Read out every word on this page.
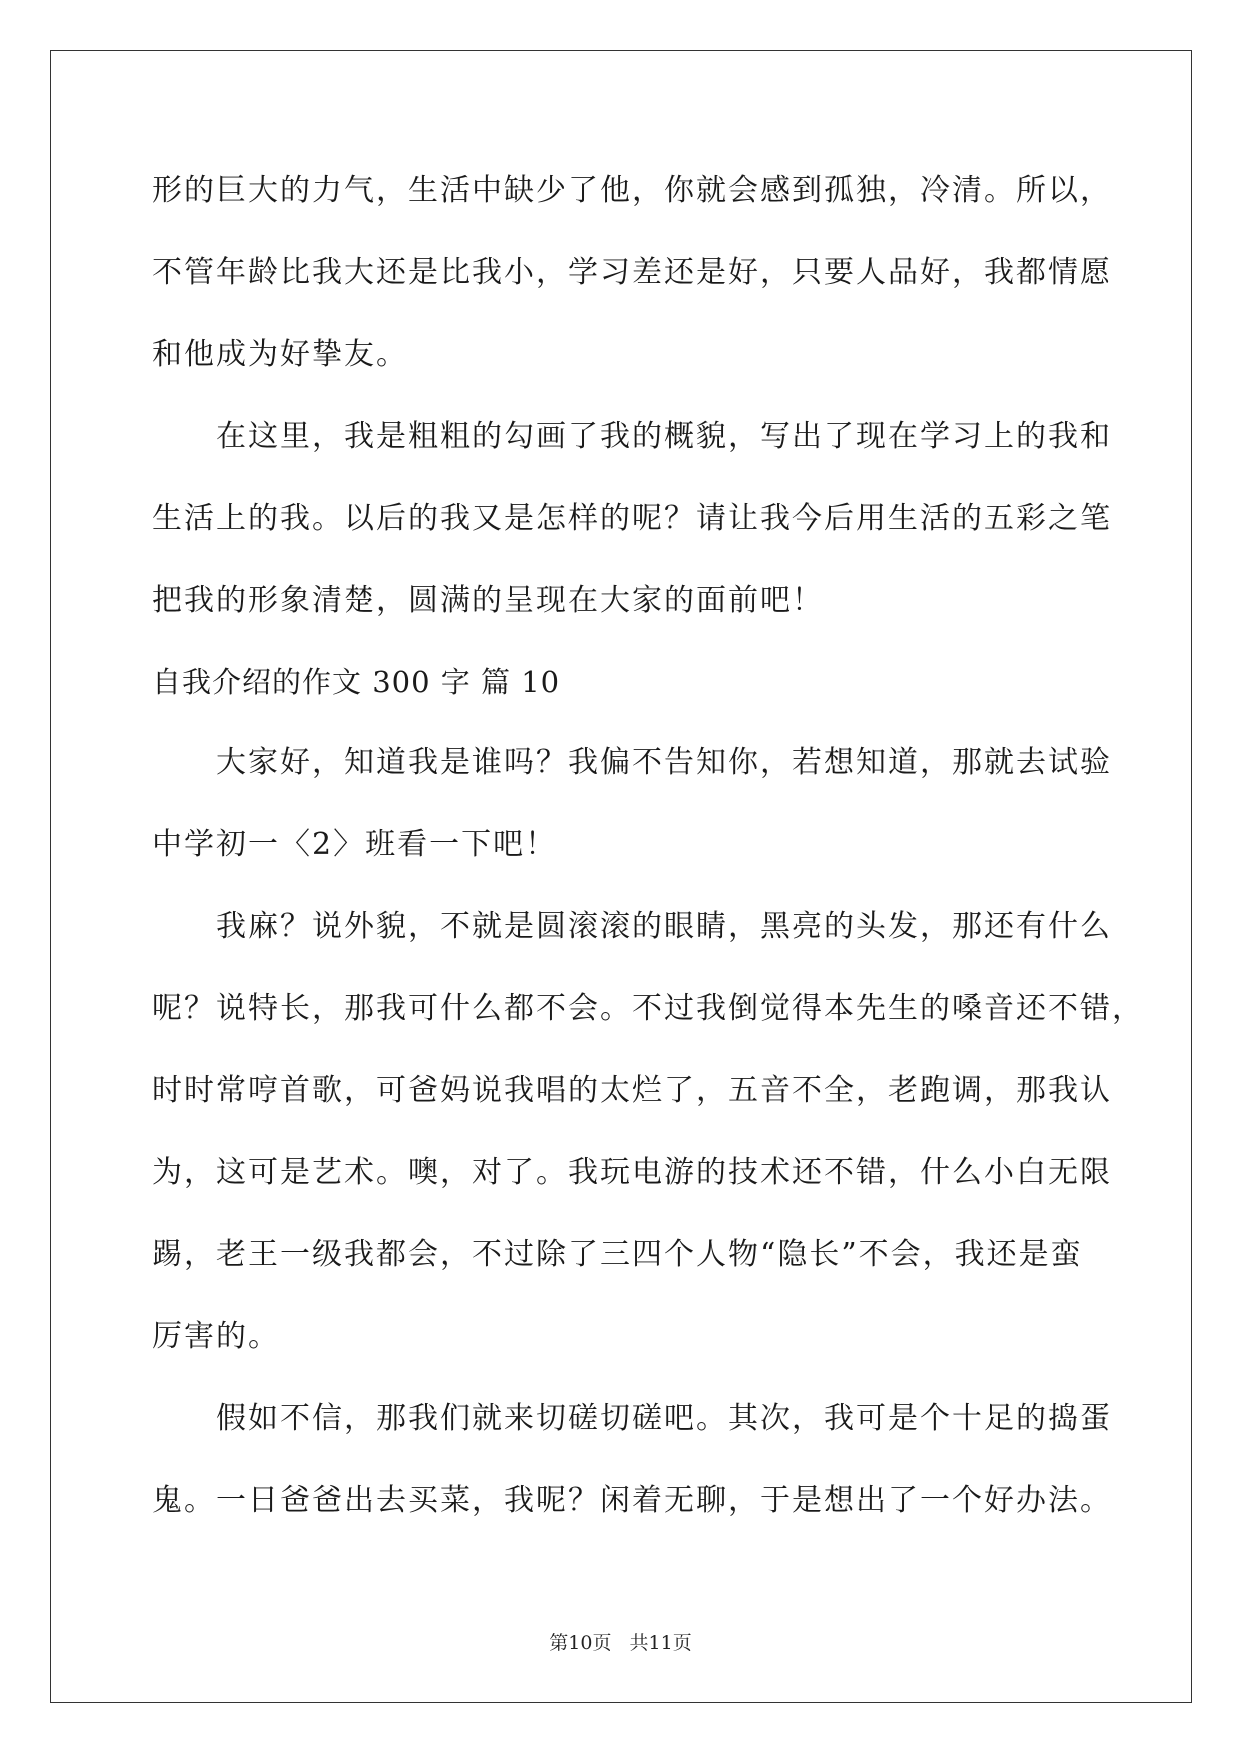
形的巨大的力气，生活中缺少了他，你就会感到孤独，冷清。所以，
不管年龄比我大还是比我小，学习差还是好，只要人品好，我都情愿
和他成为好挚友。
在这里，我是粗粗的勾画了我的概貌，写出了现在学习上的我和
生活上的我。以后的我又是怎样的呢？请让我今后用生活的五彩之笔
把我的形象清楚，圆满的呈现在大家的面前吧！
自我介绍的作文 300 字 篇 10
大家好，知道我是谁吗？我偏不告知你，若想知道，那就去试验
中学初一〈2〉班看一下吧！
我麻？说外貌，不就是圆滚滚的眼睛，黑亮的头发，那还有什么
呢？说特长，那我可什么都不会。不过我倒觉得本先生的嗓音还不错，
时时常哼首歌，可爸妈说我唱的太烂了，五音不全，老跑调，那我认
为，这可是艺术。噢，对了。我玩电游的技术还不错，什么小白无限
踢，老王一级我都会，不过除了三四个人物“隐长”不会，我还是蛮
厉害的。
假如不信，那我们就来切磋切磋吧。其次，我可是个十足的捣蛋
鬼。一日爸爸出去买菜，我呢？闲着无聊，于是想出了一个好办法。
第10页 共11页
